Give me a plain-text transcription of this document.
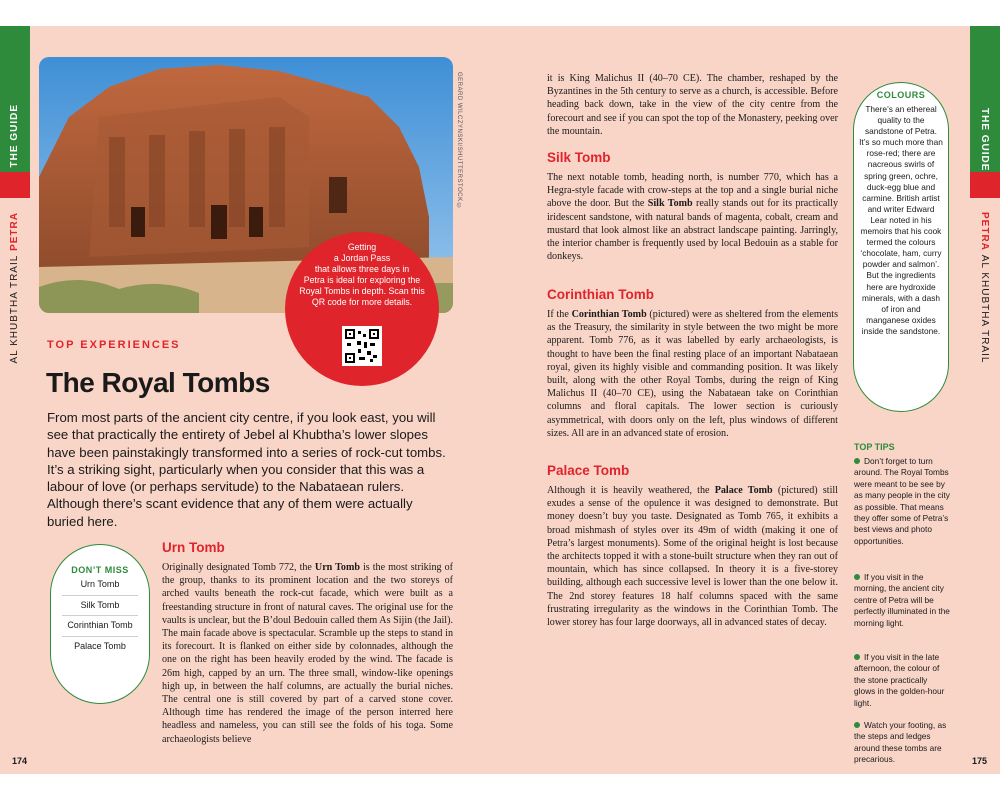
THE GUIDE
AL KHUBTHA TRAIL PETRA
GERARD WILCZYNSKI/SHUTTERSTOCK ©
Getting
a Jordan Pass
that allows three days in
Petra is ideal for exploring the
Royal Tombs in depth. Scan this
QR code for more details.
TOP EXPERIENCES
The Royal Tombs
From most parts of the ancient city centre, if you look east, you will see that practically the entirety of Jebel al Khubtha’s lower slopes have been painstakingly transformed into a series of rock-cut tombs. It’s a striking sight, particularly when you consider that this was a labour of love (or perhaps servitude) to the Nabataean rulers. Although there’s scant evidence that any of them were actually buried here.
DON’T MISS
Urn Tomb
Silk Tomb
Corinthian Tomb
Palace Tomb
Urn Tomb

Originally designated Tomb 772, the Urn Tomb is the most striking of the group, thanks to its prominent location and the two storeys of arched vaults beneath the rock-cut facade, which were built as a freestanding structure in front of natural caves. The original use for the vaults is unclear, but the B’doul Bedouin called them As Sijin (the Jail). The main facade above is spectacular. Scramble up the steps to stand in its forecourt. It is flanked on either side by colonnades, although the one on the right has been heavily eroded by the wind. The facade is 26m high, capped by an urn. The three small, window-like openings high up, in between the half columns, are actually the burial niches. The central one is still covered by part of a carved stone cover. Although time has rendered the image of the person interred here headless and nameless, you can still see the folds of his toga. Some archaeologists believe

174
THE GUIDE
PETRA AL KHUBTHA TRAIL

it is King Malichus II (40–70 CE). The chamber, reshaped by the Byzantines in the 5th century to serve as a church, is accessible. Before heading back down, take in the view of the city centre from the forecourt and see if you can spot the top of the Monastery, peeking over the mountain.

Silk Tomb

The next notable tomb, heading north, is number 770, which has a Hegra-style facade with crow-steps at the top and a single burial niche above the door. But the Silk Tomb really stands out for its practically iridescent sandstone, with natural bands of magenta, cobalt, cream and mustard that look almost like an abstract landscape painting. Jarringly, the interior chamber is frequently used by local Bedouin as a stable for donkeys.

Corinthian Tomb

If the Corinthian Tomb (pictured) were as sheltered from the elements as the Treasury, the similarity in style between the two might be more apparent. Tomb 776, as it was labelled by early archaeologists, is thought to have been the final resting place of an important Nabataean royal, given its highly visible and commanding position. It was likely built, along with the other Royal Tombs, during the reign of King Malichus II (40–70 CE), using the Nabataean take on Corinthian columns and floral capitals. The lower section is curiously asymmetrical, with doors only on the left, plus windows of different sizes. All are in an advanced state of erosion.

Palace Tomb

Although it is heavily weathered, the Palace Tomb (pictured) still exudes a sense of the opulence it was designed to demonstrate. But money doesn’t buy you taste. Designated as Tomb 765, it exhibits a broad mishmash of styles over its 49m of width (making it one of Petra’s largest monuments). Some of the original height is lost because the architects topped it with a stone-built structure when they ran out of mountain, which has since collapsed. In theory it is a five-storey building, although each successive level is lower than the one below it. The 2nd storey features 18 half columns spaced with the same frustrating irregularity as the windows in the Corinthian Tomb. The lower storey has four large doorways, all in advanced states of decay.

175
COLOURS
There’s an ethereal quality to the sandstone of Petra. It’s so much more than rose-red; there are nacreous swirls of spring green, ochre, duck-egg blue and carmine. British artist and writer Edward Lear noted in his memoirs that his cook termed the colours ‘chocolate, ham, curry powder and salmon’. But the ingredients here are hydroxide minerals, with a dash of iron and manganese oxides inside the sandstone.
TOP TIPS
Don’t forget to turn around. The Royal Tombs were meant to be see by as many people in the city as possible. That means they offer some of Petra’s best views and photo opportunities.
If you visit in the morning, the ancient city centre of Petra will be perfectly illuminated in the morning light.
If you visit in the late afternoon, the colour of the stone practically glows in the golden-hour light.
Watch your footing, as the steps and ledges around these tombs are precarious.
